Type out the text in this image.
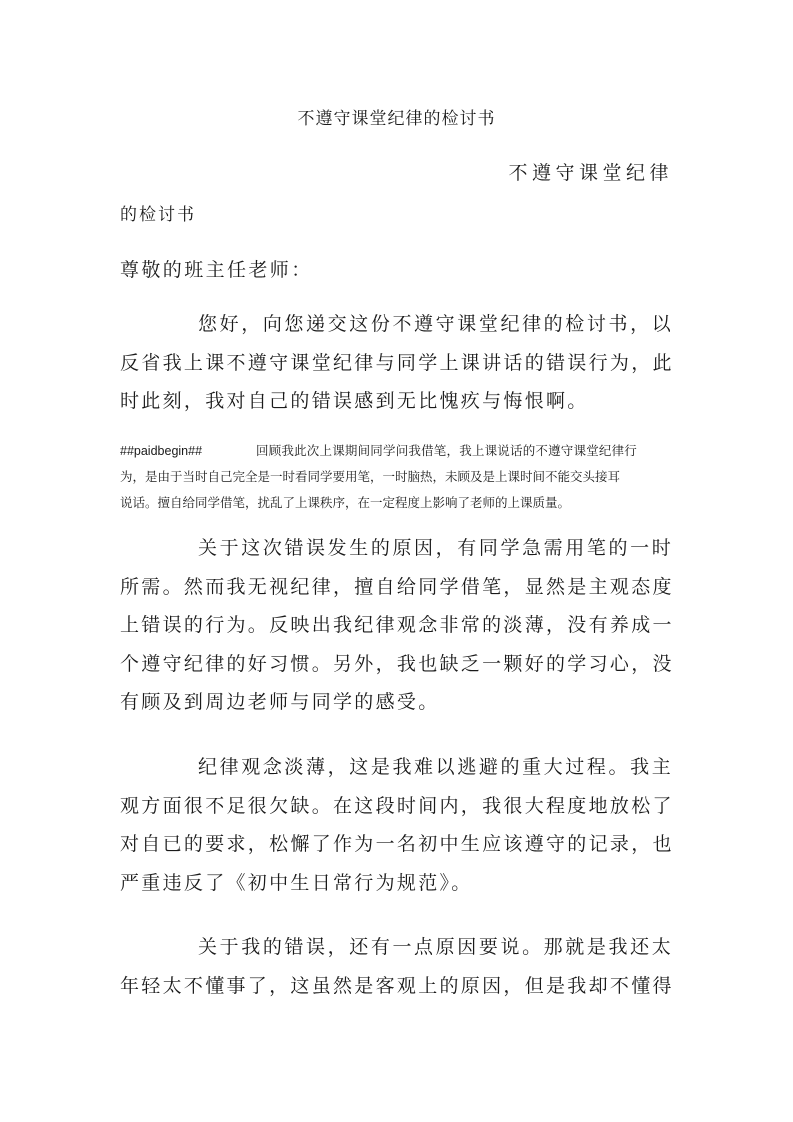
不遵守课堂纪律的检讨书
不遵守课堂纪律
的检讨书
尊敬的班主任老师：
您好，向您递交这份不遵守课堂纪律的检讨书，以
反省我上课不遵守课堂纪律与同学上课讲话的错误行为，此
时此刻，我对自己的错误感到无比愧疚与悔恨啊。
##paidbegin##	回顾我此次上课期间同学问我借笔，我上课说话的不遵守课堂纪律行
为，是由于当时自己完全是一时看同学要用笔，一时脑热，未顾及是上课时间不能交头接耳
说话。擅自给同学借笔，扰乱了上课秩序，在一定程度上影响了老师的上课质量。
关于这次错误发生的原因，有同学急需用笔的一时
所需。然而我无视纪律，擅自给同学借笔，显然是主观态度
上错误的行为。反映出我纪律观念非常的淡薄，没有养成一
个遵守纪律的好习惯。另外，我也缺乏一颗好的学习心，没
有顾及到周边老师与同学的感受。
纪律观念淡薄，这是我难以逃避的重大过程。我主
观方面很不足很欠缺。在这段时间内，我很大程度地放松了
对自已的要求，松懈了作为一名初中生应该遵守的记录，也
严重违反了《初中生日常行为规范》。
关于我的错误，还有一点原因要说。那就是我还太
年轻太不懂事了，这虽然是客观上的原因，但是我却不懂得
